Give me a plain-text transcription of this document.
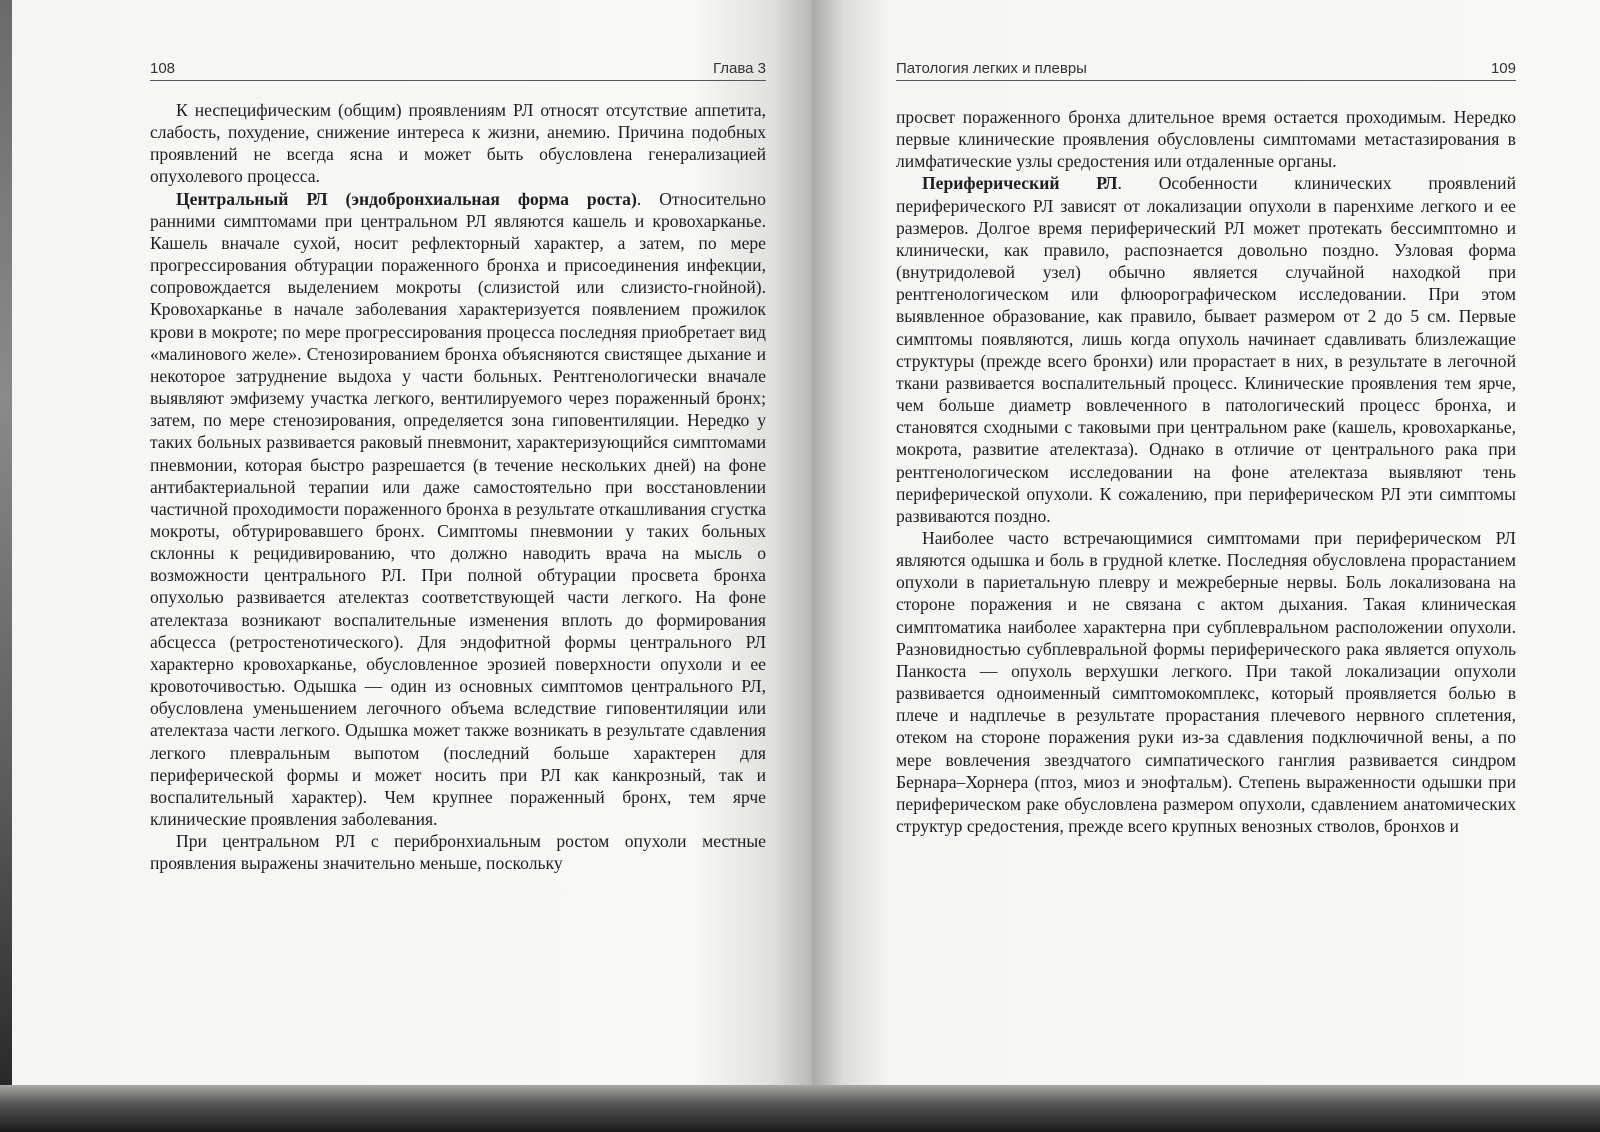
108	Глава 3	Патология легких и плевры	109

К неспецифическим (общим) проявлениям РЛ относят отсутствие аппетита, слабость, похудение, снижение интереса к жизни, анемию. Причина подобных проявлений не всегда ясна и может быть обусловлена генерализацией опухолевого процесса.

Центральный РЛ (эндобронхиальная форма роста). Относительно ранними симптомами при центральном РЛ являются кашель и кровохарканье. Кашель вначале сухой, носит рефлекторный характер, а затем, по мере прогрессирования обтурации пораженного бронха и присоединения инфекции, сопровождается выделением мокроты (слизистой или слизисто-гнойной). Кровохарканье в начале заболевания характеризуется появлением прожилок крови в мокроте; по мере прогрессирования процесса последняя приобретает вид «малинового желе». Стенозированием бронха объясняются свистящее дыхание и некоторое затруднение выдоха у части больных. Рентгенологически вначале выявляют эмфизему участка легкого, вентилируемого через пораженный бронх; затем, по мере стенозирования, определяется зона гиповентиляции. Нередко у таких больных развивается раковый пневмонит, характеризующийся симптомами пневмонии, которая быстро разрешается (в течение нескольких дней) на фоне антибактериальной терапии или даже самостоятельно при восстановлении частичной проходимости пораженного бронха в результате откашливания сгустка мокроты, обтурировавшего бронх. Симптомы пневмонии у таких больных склонны к рецидивированию, что должно наводить врача на мысль о возможности центрального РЛ. При полной обтурации просвета бронха опухолью развивается ателектаз соответствующей части легкого. На фоне ателектаза возникают воспалительные изменения вплоть до формирования абсцесса (ретростенотического). Для эндофитной формы центрального РЛ характерно кровохарканье, обусловленное эрозией поверхности опухоли и ее кровоточивостью. Одышка — один из основных симптомов центрального РЛ, обусловлена уменьшением легочного объема вследствие гиповентиляции или ателектаза части легкого. Одышка может также возникать в результате сдавления легкого плевральным выпотом (последний больше характерен для периферической формы и может носить при РЛ как канкрозный, так и воспалительный характер). Чем крупнее пораженный бронх, тем ярче клинические проявления заболевания.

При центральном РЛ с перибронхиальным ростом опухоли местные проявления выражены значительно меньше, поскольку

просвет пораженного бронха длительное время остается проходимым. Нередко первые клинические проявления обусловлены симптомами метастазирования в лимфатические узлы средостения или отдаленные органы.

Периферический РЛ. Особенности клинических проявлений периферического РЛ зависят от локализации опухоли в паренхиме легкого и ее размеров. Долгое время периферический РЛ может протекать бессимптомно и клинически, как правило, распознается довольно поздно. Узловая форма (внутридолевой узел) обычно является случайной находкой при рентгенологическом или флюорографическом исследовании. При этом выявленное образование, как правило, бывает размером от 2 до 5 см. Первые симптомы появляются, лишь когда опухоль начинает сдавливать близлежащие структуры (прежде всего бронхи) или прорастает в них, в результате в легочной ткани развивается воспалительный процесс. Клинические проявления тем ярче, чем больше диаметр вовлеченного в патологический процесс бронха, и становятся сходными с таковыми при центральном раке (кашель, кровохарканье, мокрота, развитие ателектаза). Однако в отличие от центрального рака при рентгенологическом исследовании на фоне ателектаза выявляют тень периферической опухоли. К сожалению, при периферическом РЛ эти симптомы развиваются поздно.

Наиболее часто встречающимися симптомами при периферическом РЛ являются одышка и боль в грудной клетке. Последняя обусловлена прорастанием опухоли в париетальную плевру и межреберные нервы. Боль локализована на стороне поражения и не связана с актом дыхания. Такая клиническая симптоматика наиболее характерна при субплевральном расположении опухоли. Разновидностью субплевральной формы периферического рака является опухоль Панкоста — опухоль верхушки легкого. При такой локализации опухоли развивается одноименный симптомокомплекс, который проявляется болью в плече и надплечье в результате прорастания плечевого нервного сплетения, отеком на стороне поражения руки из-за сдавления подключичной вены, а по мере вовлечения звездчатого симпатического ганглия развивается синдром Бернара–Хорнера (птоз, миоз и энофтальм). Степень выраженности одышки при периферическом раке обусловлена размером опухоли, сдавлением анатомических структур средостения, прежде всего крупных венозных стволов, бронхов и
